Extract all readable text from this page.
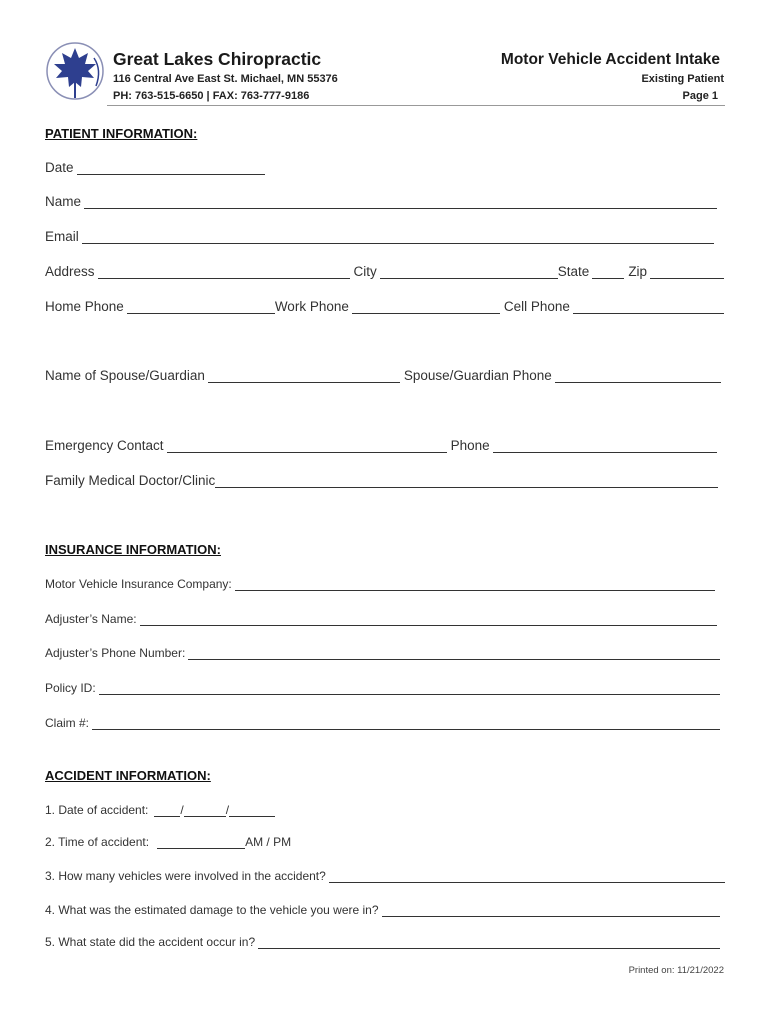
Great Lakes Chiropractic
116 Central Ave East St. Michael, MN 55376
PH: 763-515-6650 | FAX: 763-777-9186
Motor Vehicle Accident Intake
Existing Patient
Page 1
PATIENT INFORMATION:
Date
Name
Email
Address	City	State	Zip
Home Phone	Work Phone	Cell Phone
Name of Spouse/Guardian	Spouse/Guardian Phone
Emergency Contact	Phone
Family Medical Doctor/Clinic
INSURANCE INFORMATION:
Motor Vehicle Insurance Company:
Adjuster’s Name:
Adjuster’s Phone Number:
Policy ID:
Claim #:
ACCIDENT INFORMATION:
1. Date of accident:	/	/
2. Time of accident:	AM / PM
3. How many vehicles were involved in the accident?
4. What was the estimated damage to the vehicle you were in?
5. What state did the accident occur in?
Printed on: 11/21/2022
